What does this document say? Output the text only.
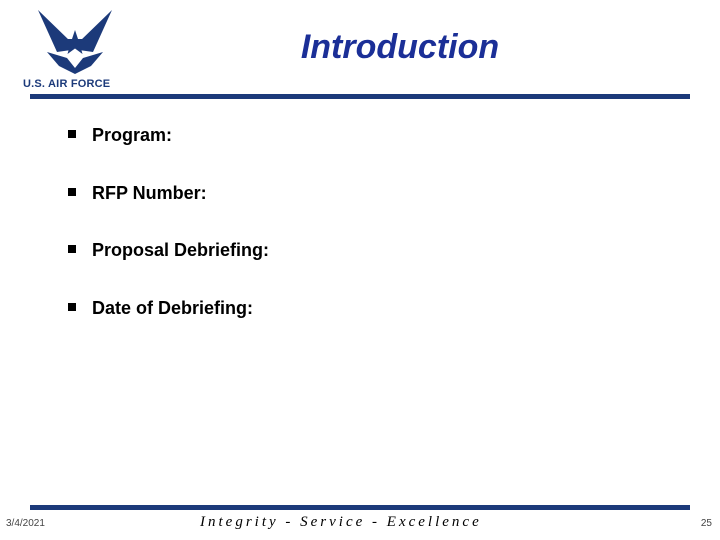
U.S. AIR FORCE
Introduction
Program:
RFP Number:
Proposal Debriefing:
Date of Debriefing:
3/4/2021	Integrity - Service - Excellence	25
